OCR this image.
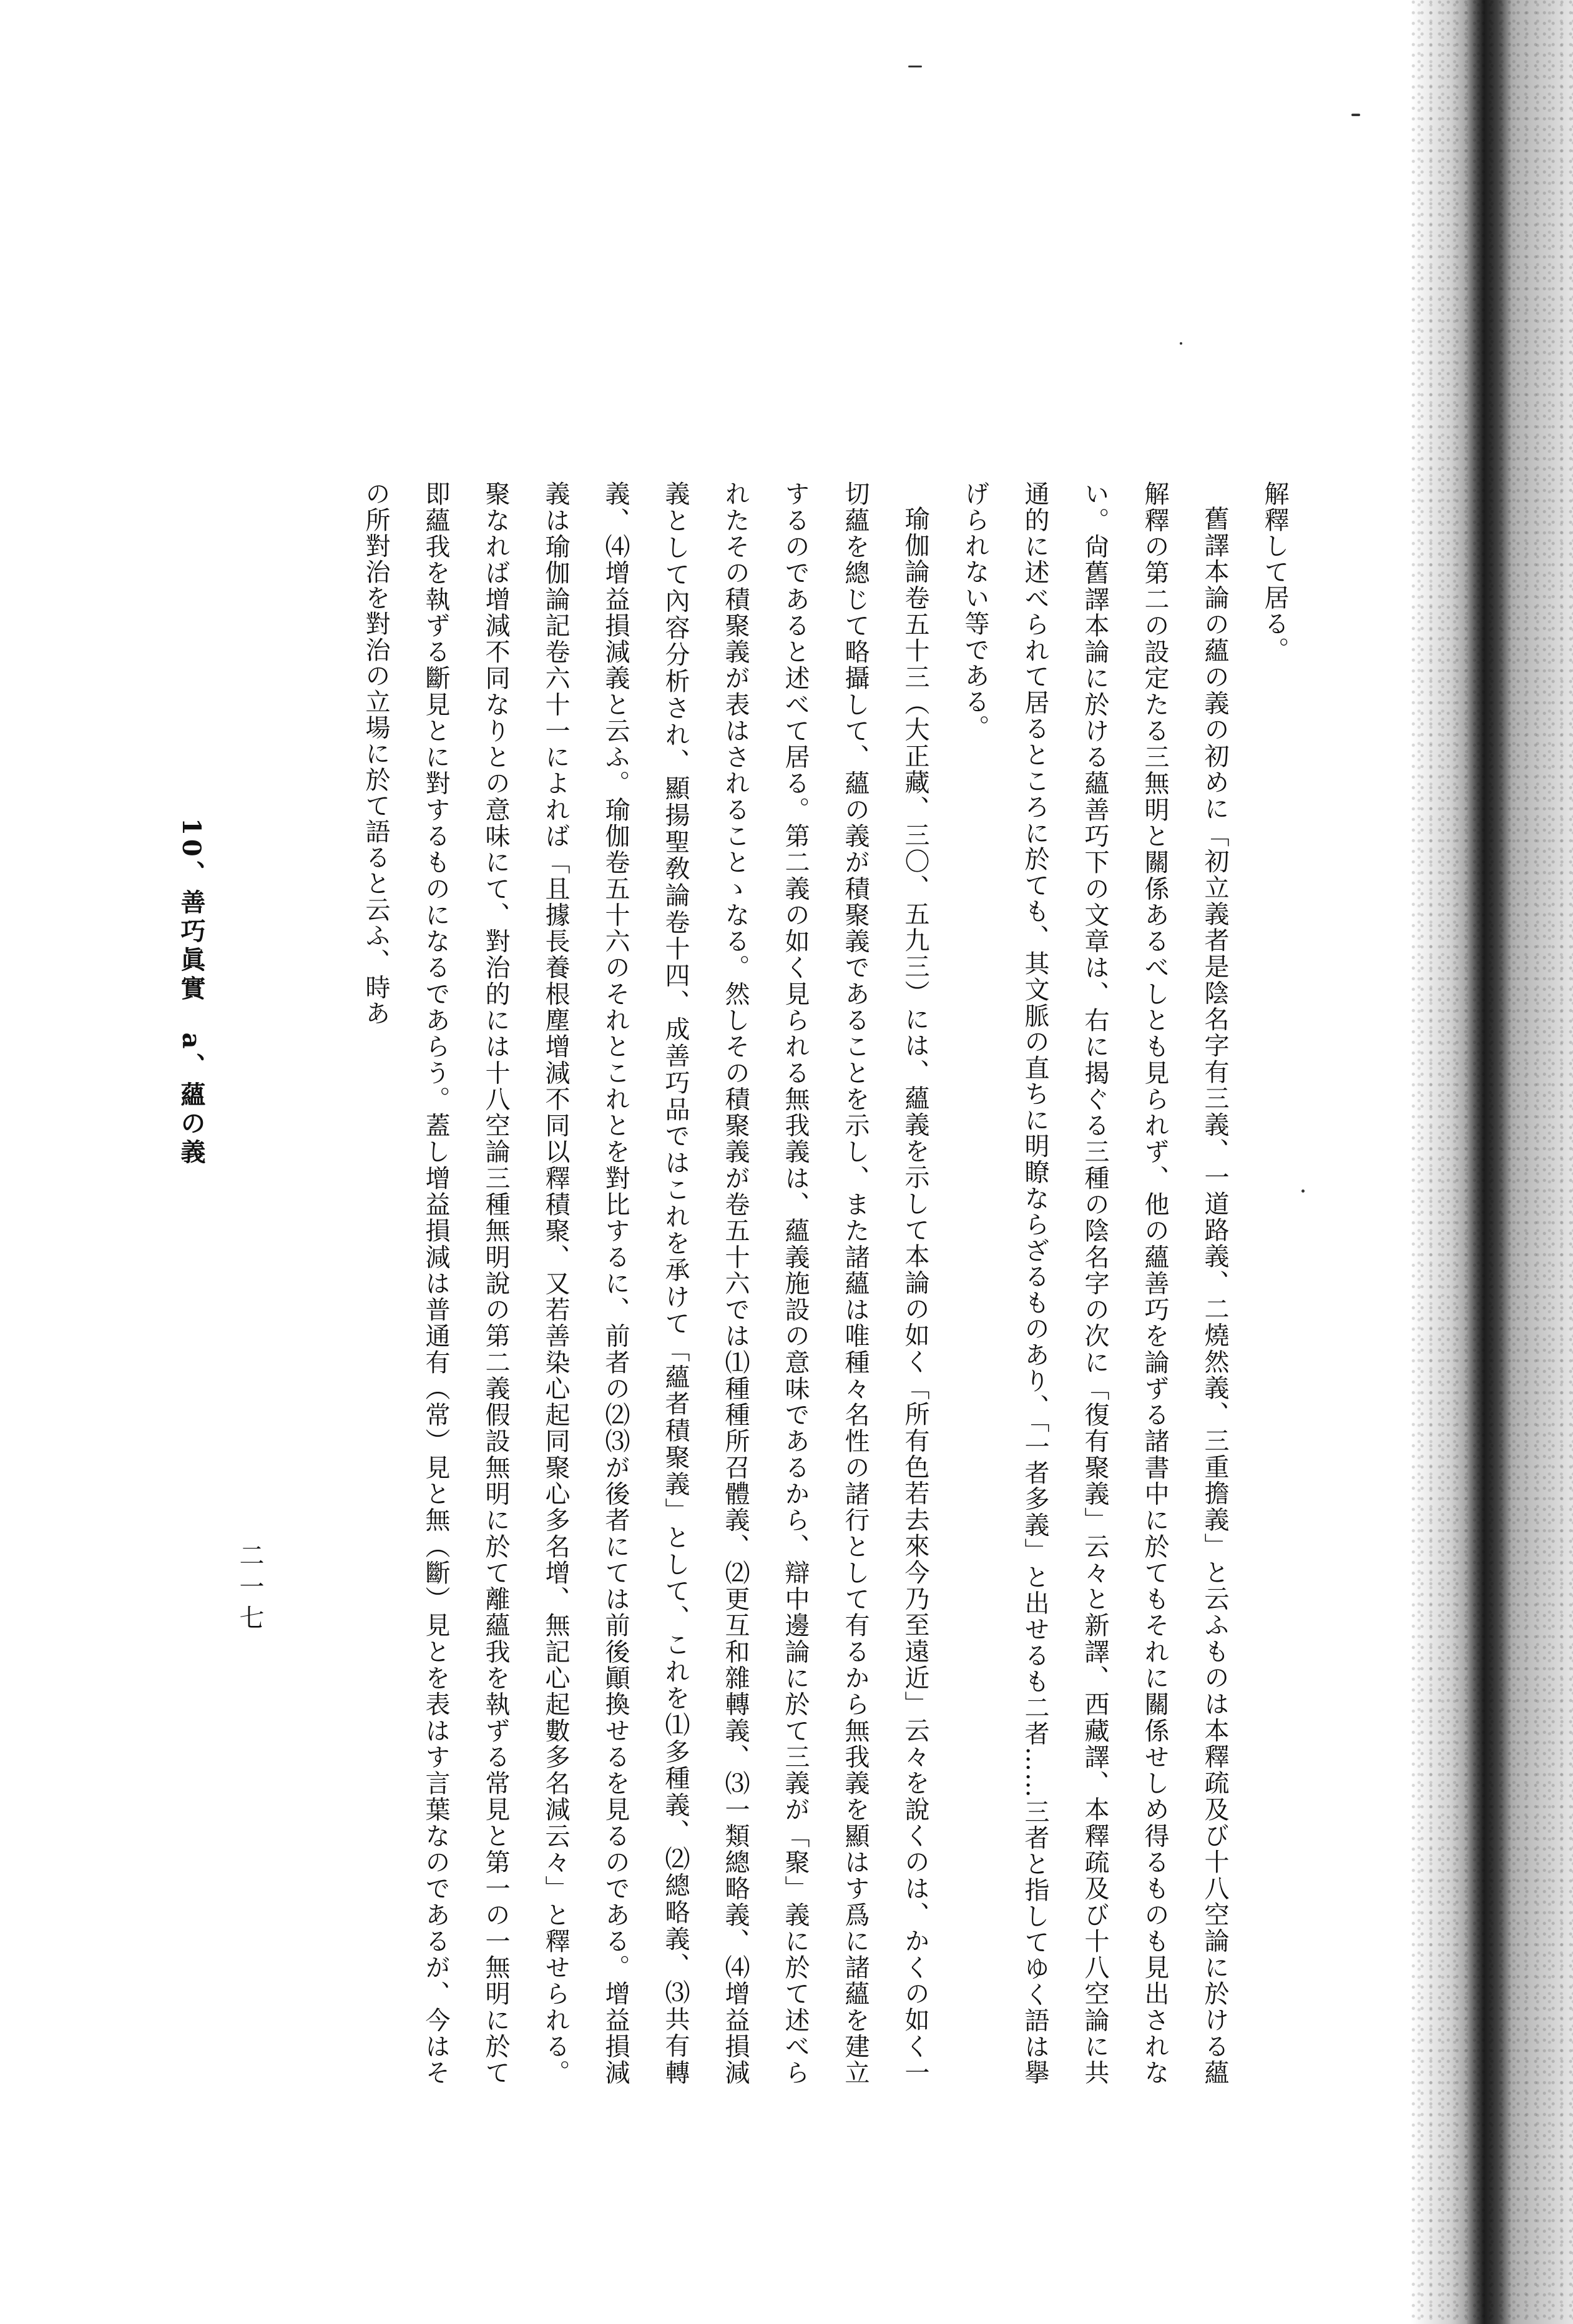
解釋して居る。

舊譯本論の蘊の義の初めに「初立義者是陰名字有三義、一道路義、二燒然義、三重擔義」と云ふものは本釋疏及び十八空論に於ける蘊解釋の第二の設定たる三無明と關係あるべしとも見られず、他の蘊善巧を論ずる諸書中に於てもそれに關係せしめ得るものも見出されない。尙舊譯本論に於ける蘊善巧下の文章は、右に揭ぐる三種の陰名字の次に「復有聚義」云々と新譯、西藏譯、本釋疏及び十八空論に共通的に述べられて居るところに於ても、其文脈の直ちに明瞭ならざるものあり、「一者多義」と出せるも二者……三者と指してゆく語は擧げられない等である。

瑜伽論卷五十三（大正藏、三〇、五九三）には、蘊義を示して本論の如く「所有色若去來今乃至遠近」云々を說くのは、かくの如く一切蘊を總じて略攝して、蘊の義が積聚義であることを示し、また諸蘊は唯種々名性の諸行として有るから無我義を顯はす爲に諸蘊を建立するのであると述べて居る。第二義の如く見られる無我義は、蘊義施設の意味であるから、辯中邊論に於て三義が「聚」義に於て述べられたその積聚義が表はされることゝなる。然しその積聚義が卷五十六では⑴種種所召體義、⑵更互和雜轉義、⑶一類總略義、⑷增益損減義として內容分析され、顯揚聖敎論卷十四、成善巧品ではこれを承けて「蘊者積聚義」として、これを⑴多種義、⑵總略義、⑶共有轉義、⑷增益損減義と云ふ。瑜伽卷五十六のそれとこれとを對比するに、前者の⑵⑶が後者にては前後顚換せるを見るのである。增益損減義は瑜伽論記卷六十一によれば「且據長養根塵增減不同以釋積聚、又若善染心起同聚心多名增、無記心起數多名減云々」と釋せられる。聚なれば增減不同なりとの意味にて、對治的には十八空論三種無明說の第二義假設無明に於て離蘊我を執ずる常見と第一の一無明に於て即蘊我を執ずる斷見とに對するものになるであらう。蓋し增益損減は普通有（常）見と無（斷）見とを表はす言葉なのであるが、今はその所對治を對治の立場に於て語ると云ふ、時あ

10、善巧眞實　a、蘊の義
二一七
